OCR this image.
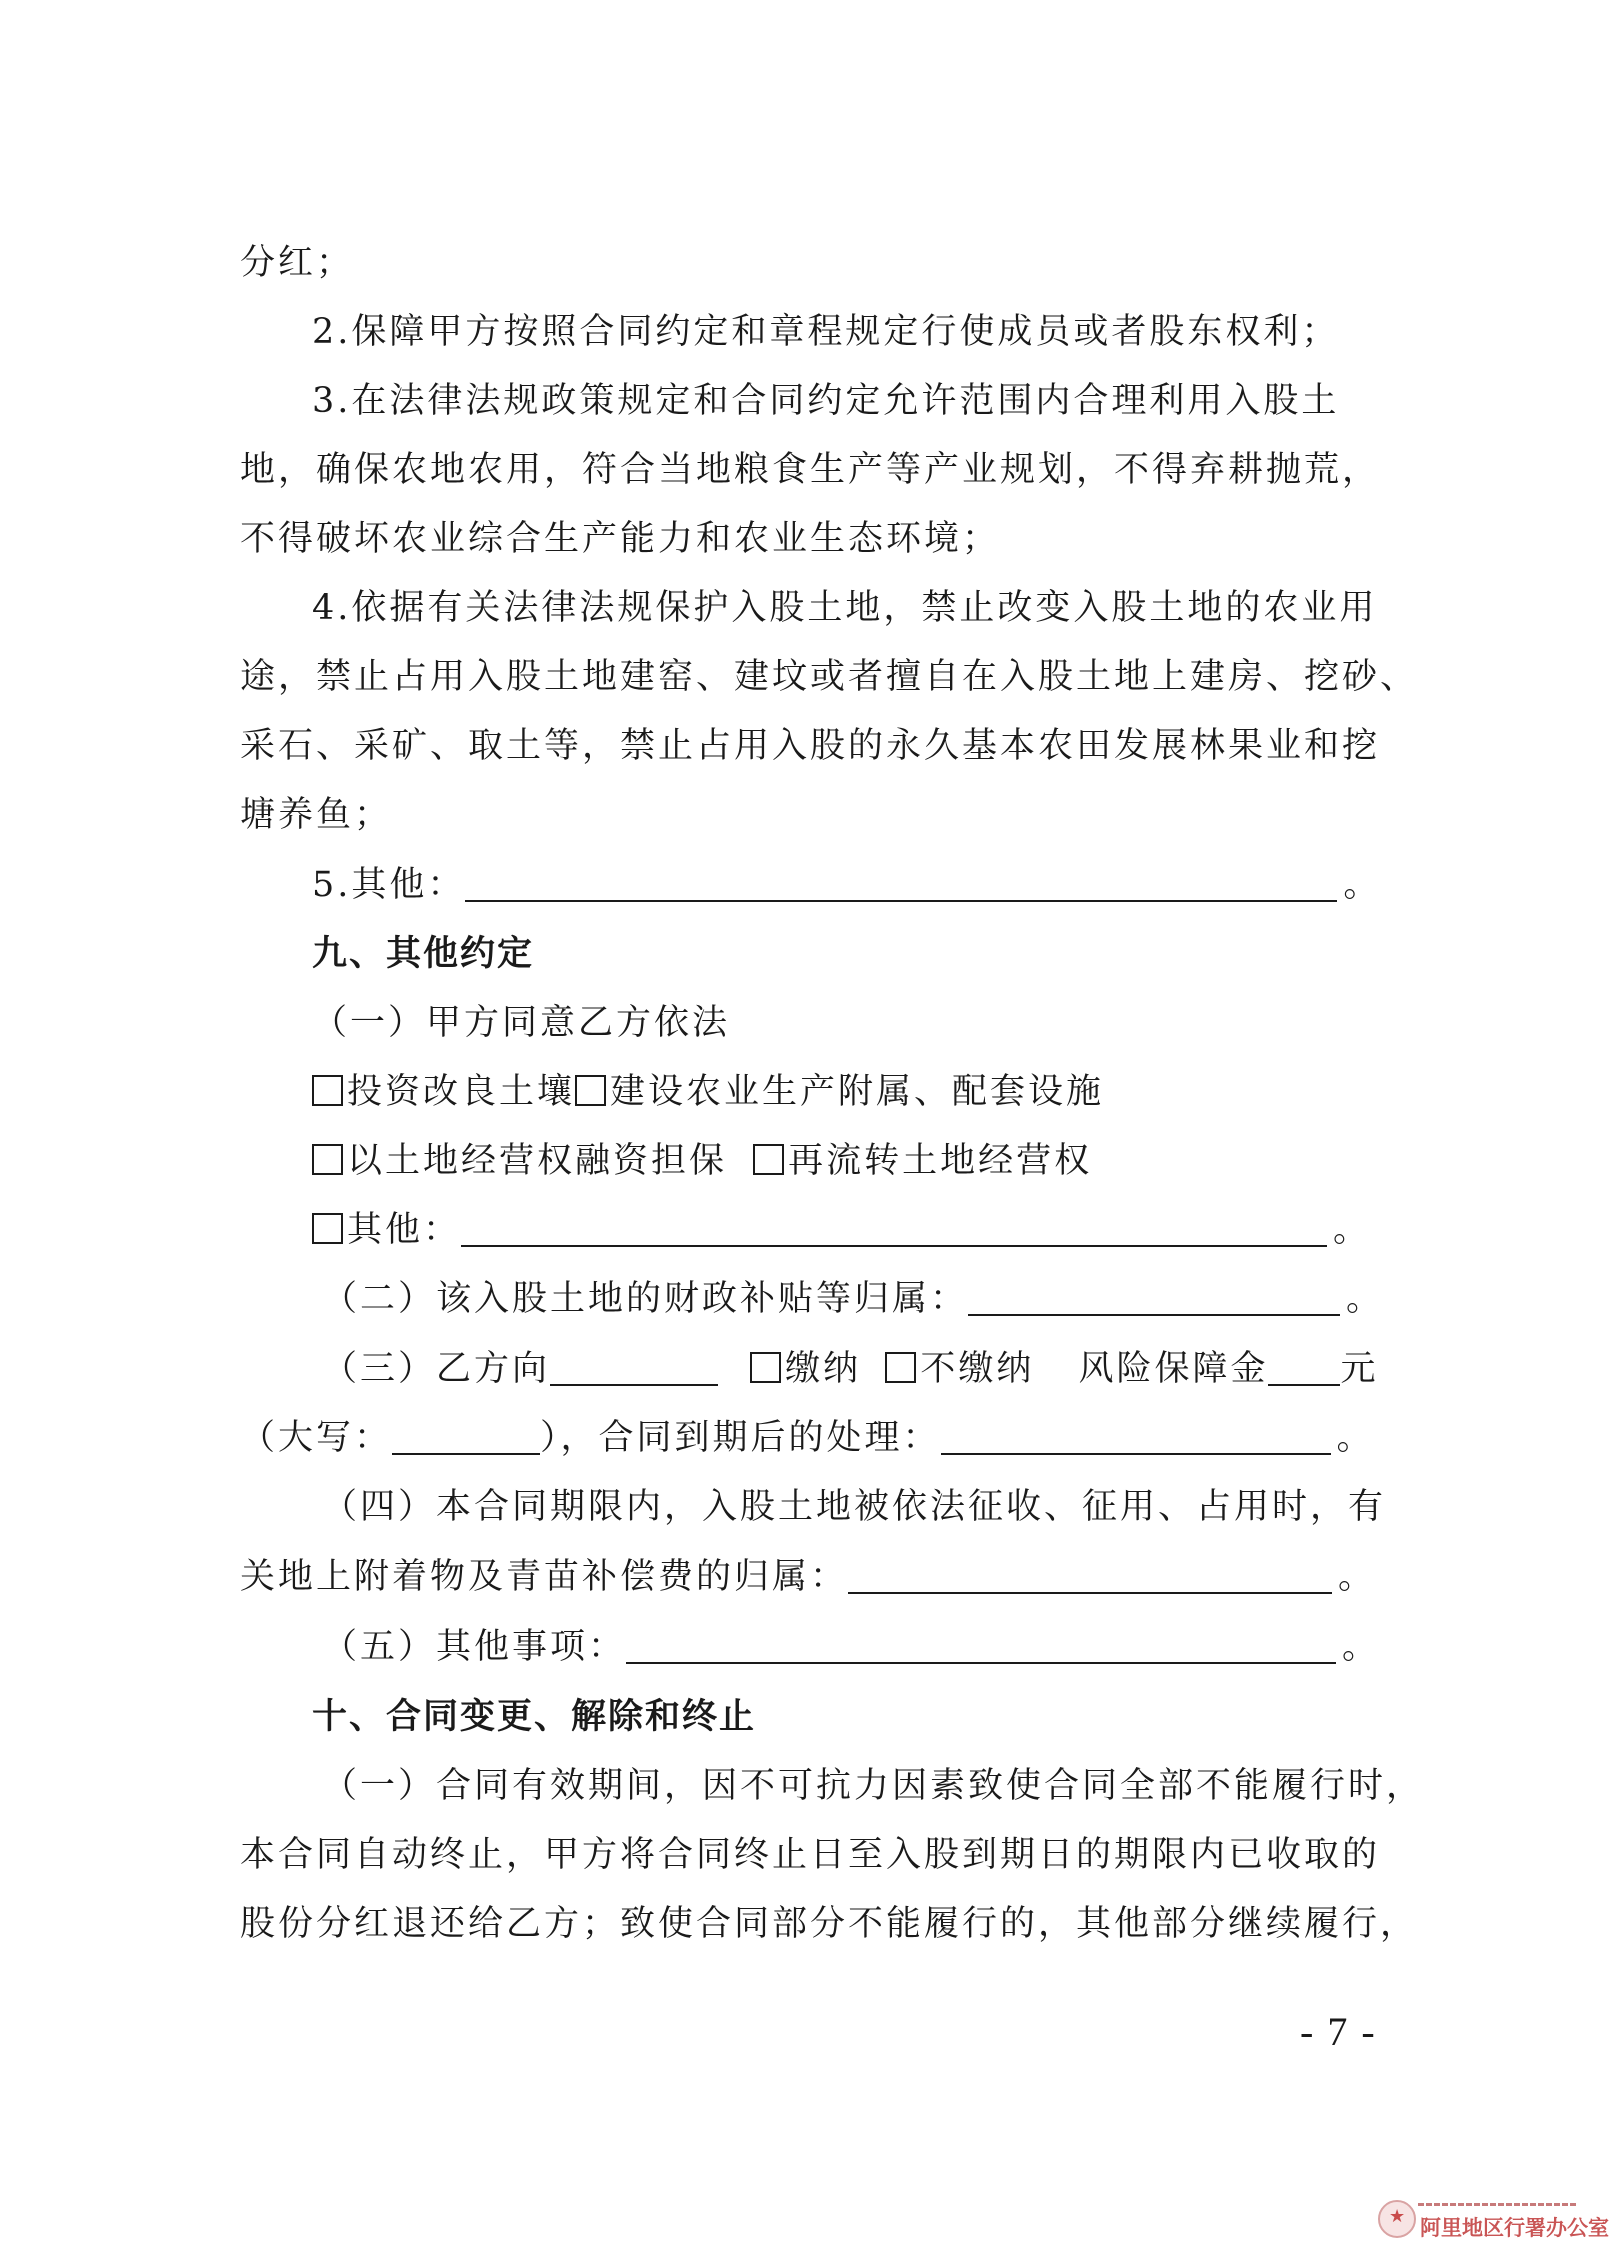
分红；
2.保障甲方按照合同约定和章程规定行使成员或者股东权利；
3.在法律法规政策规定和合同约定允许范围内合理利用入股土
地，确保农地农用，符合当地粮食生产等产业规划，不得弃耕抛荒，
不得破坏农业综合生产能力和农业生态环境；
4.依据有关法律法规保护入股土地，禁止改变入股土地的农业用
途，禁止占用入股土地建窑、建坟或者擅自在入股土地上建房、挖砂、
采石、采矿、取土等，禁止占用入股的永久基本农田发展林果业和挖
塘养鱼；
5.其他：	。
九、其他约定
（一）甲方同意乙方依法
投资改良土壤 建设农业生产附属、配套设施
以土地经营权融资担保 再流转土地经营权
其他：	。
（二）该入股土地的财政补贴等归属：	。
（三）乙方向	缴纳 不缴纳 风险保障金 元
（大写：	），合同到期后的处理：	。
（四）本合同期限内，入股土地被依法征收、征用、占用时，有
关地上附着物及青苗补偿费的归属：	。
（五）其他事项：	。
十、合同变更、解除和终止
（一）合同有效期间，因不可抗力因素致使合同全部不能履行时，
本合同自动终止，甲方将合同终止日至入股到期日的期限内已收取的
股份分红退还给乙方；致使合同部分不能履行的，其他部分继续履行，
- 7 -
★ 阿里地区行署办公室
